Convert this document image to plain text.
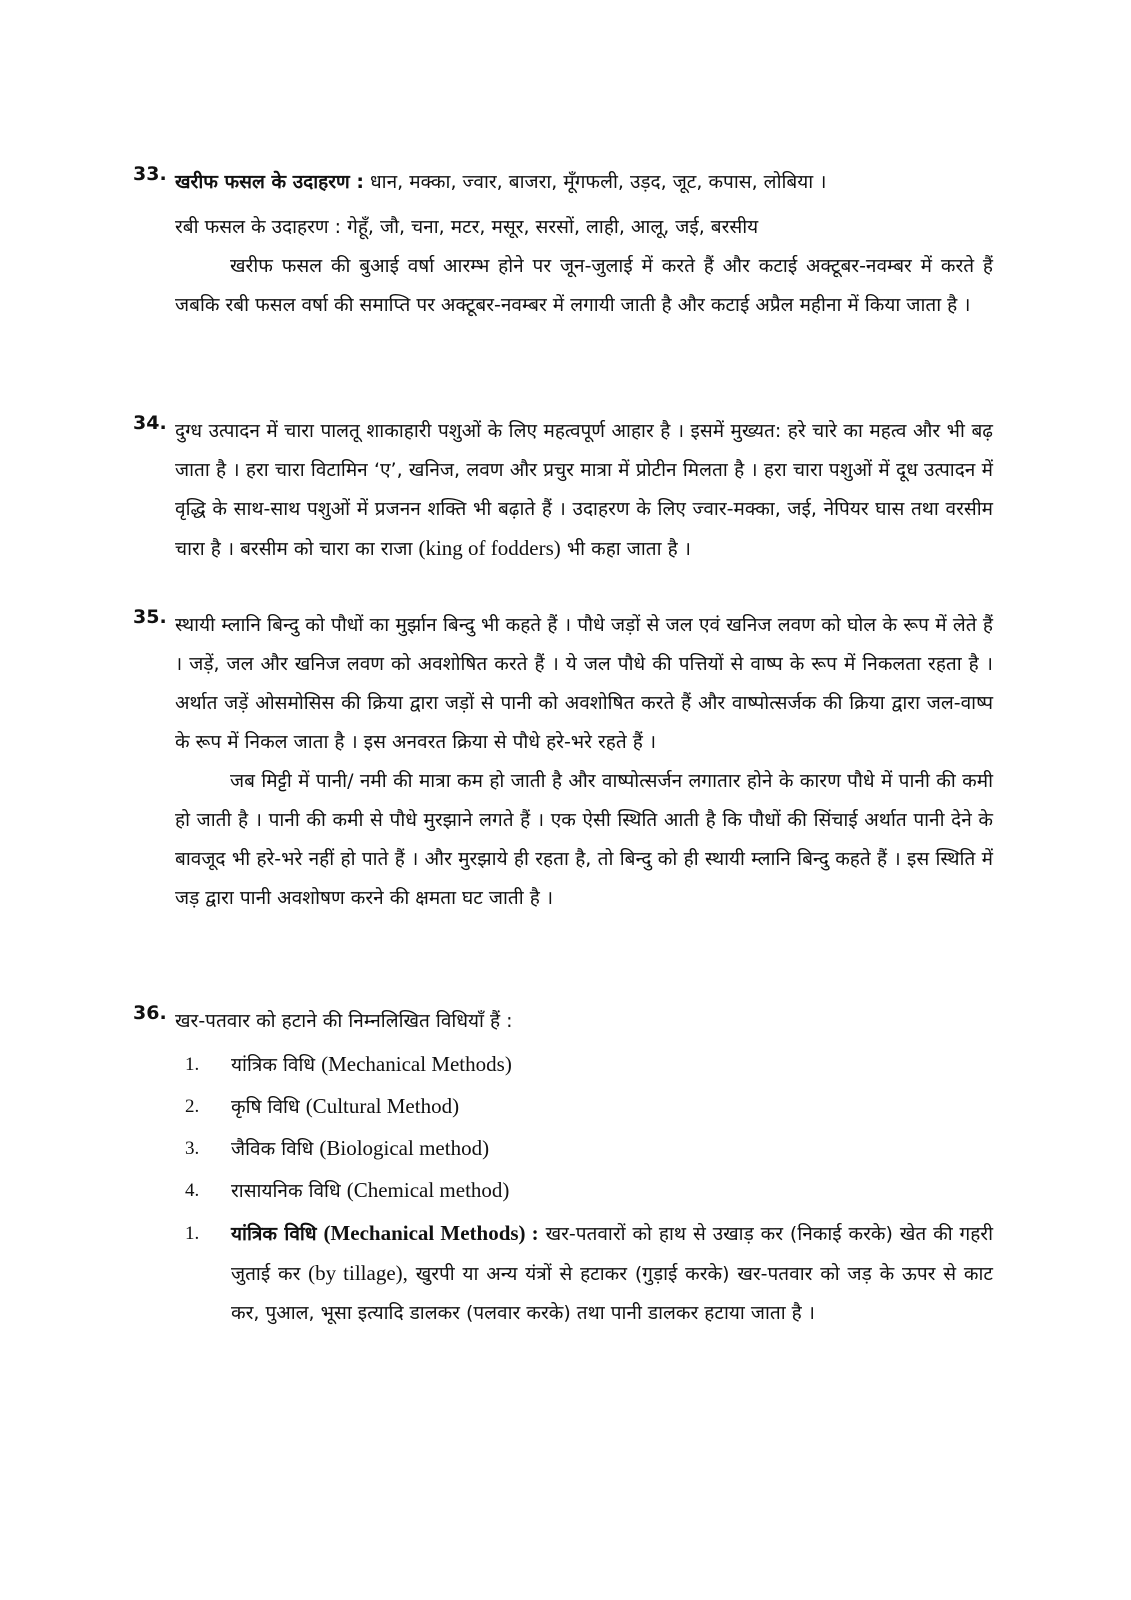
33. खरीफ फसल के उदाहरण : धान, मक्का, ज्वार, बाजरा, मूँगफली, उड़द, जूट, कपास, लोबिया ।
रबी फसल के उदाहरण : गेहूँ, जौ, चना, मटर, मसूर, सरसों, लाही, आलू, जई, बरसीय
खरीफ फसल की बुआई वर्षा आरम्भ होने पर जून-जुलाई में करते हैं और कटाई अक्टूबर-नवम्बर में करते हैं जबकि रबी फसल वर्षा की समाप्ति पर अक्टूबर-नवम्बर में लगायी जाती है और कटाई अप्रैल महीना में किया जाता है ।
34. दुग्ध उत्पादन में चारा पालतू शाकाहारी पशुओं के लिए महत्वपूर्ण आहार है । इसमें मुख्यत: हरे चारे का महत्व और भी बढ़ जाता है । हरा चारा विटामिन ‘ए’, खनिज, लवण और प्रचुर मात्रा में प्रोटीन मिलता है । हरा चारा पशुओं में दूध उत्पादन में वृद्धि के साथ-साथ पशुओं में प्रजनन शक्ति भी बढ़ाते हैं । उदाहरण के लिए ज्वार-मक्का, जई, नेपियर घास तथा वरसीम चारा है । बरसीम को चारा का राजा (king of fodders) भी कहा जाता है ।
35. स्थायी म्लानि बिन्दु को पौधों का मुर्झान बिन्दु भी कहते हैं । पौधे जड़ों से जल एवं खनिज लवण को घोल के रूप में लेते हैं । जड़ें, जल और खनिज लवण को अवशोषित करते हैं । ये जल पौधे की पत्तियों से वाष्प के रूप में निकलता रहता है । अर्थात जड़ें ओसमोसिस की क्रिया द्वारा जड़ों से पानी को अवशोषित करते हैं और वाष्पोत्सर्जक की क्रिया द्वारा जल-वाष्प के रूप में निकल जाता है । इस अनवरत क्रिया से पौधे हरे-भरे रहते हैं ।
जब मिट्टी में पानी/ नमी की मात्रा कम हो जाती है और वाष्पोत्सर्जन लगातार होने के कारण पौधे में पानी की कमी हो जाती है । पानी की कमी से पौधे मुरझाने लगते हैं । एक ऐसी स्थिति आती है कि पौधों की सिंचाई अर्थात पानी देने के बावजूद भी हरे-भरे नहीं हो पाते हैं । और मुरझाये ही रहता है, तो बिन्दु को ही स्थायी म्लानि बिन्दु कहते हैं । इस स्थिति में जड़ द्वारा पानी अवशोषण करने की क्षमता घट जाती है ।
36. खर-पतवार को हटाने की निम्नलिखित विधियाँ हैं :
1. यांत्रिक विधि (Mechanical Methods)
2. कृषि विधि (Cultural Method)
3. जैविक विधि (Biological method)
4. रासायनिक विधि (Chemical method)
1. यांत्रिक विधि (Mechanical Methods) : खर-पतवारों को हाथ से उखाड़ कर (निकाई करके) खेत की गहरी जुताई कर (by tillage), खुरपी या अन्य यंत्रों से हटाकर (गुड़ाई करके) खर-पतवार को जड़ के ऊपर से काट कर, पुआल, भूसा इत्यादि डालकर (पलवार करके) तथा पानी डालकर हटाया जाता है ।
